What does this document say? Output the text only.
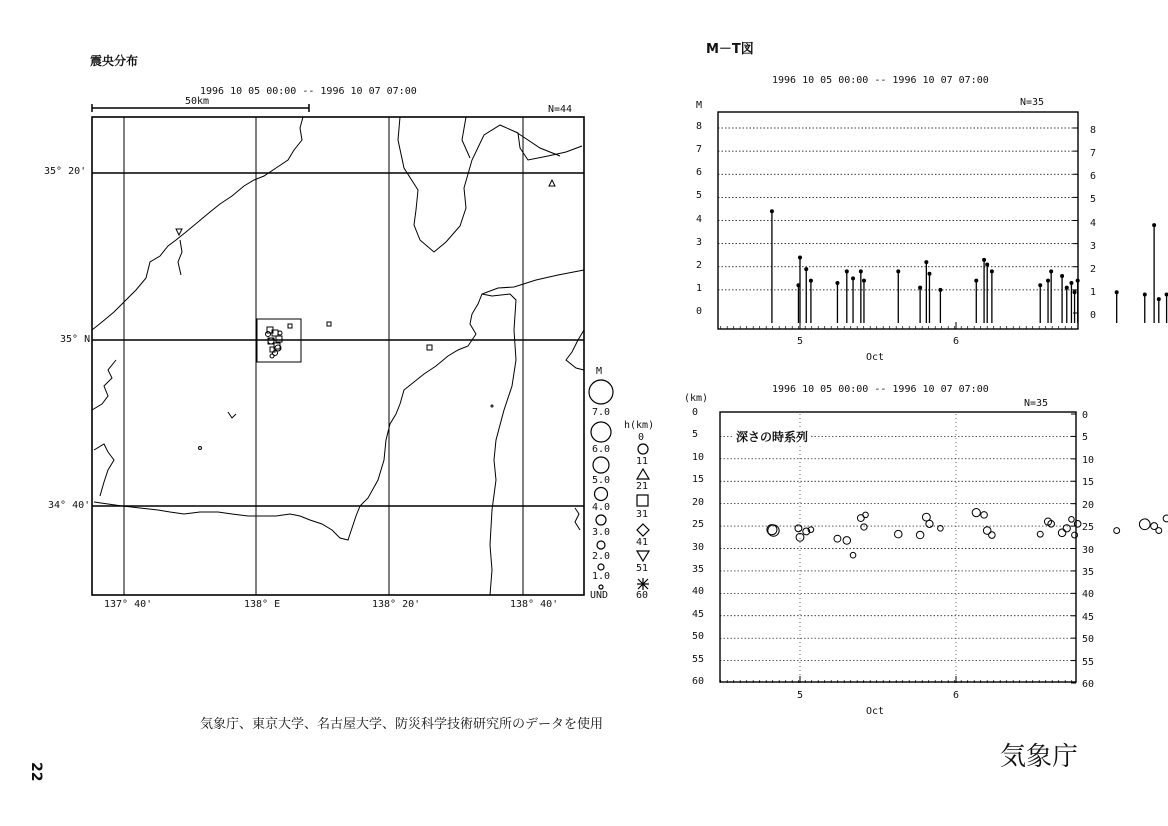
震央分布
1996 10 05 00:00 -- 1996 10 07 07:00
50km
N=44
35° 20'
35° N
34° 40'
137° 40'	138° E	138° 20'	138° 40'
M
7.0
6.0
5.0
4.0
3.0
2.0
1.0
UND
h(km)
0
11
21
31
41
51
60
M－T図
1996 10 05 00:00 -- 1996 10 07 07:00
N=35
M
Oct
0	0
1	1
2	2
3	3
4	4
5	5
6	6
7	7
8	8
5	6
1996 10 05 00:00 -- 1996 10 07 07:00
N=35
(km)
深さの時系列
Oct
0	0
5	5
10	10
15	15
20	20
25	25
30	30
35	35
40	40
45	45
50	50
55	55
60	60
5	6
気象庁、東京大学、名古屋大学、防災科学技術研究所のデータを使用
気象庁
22
